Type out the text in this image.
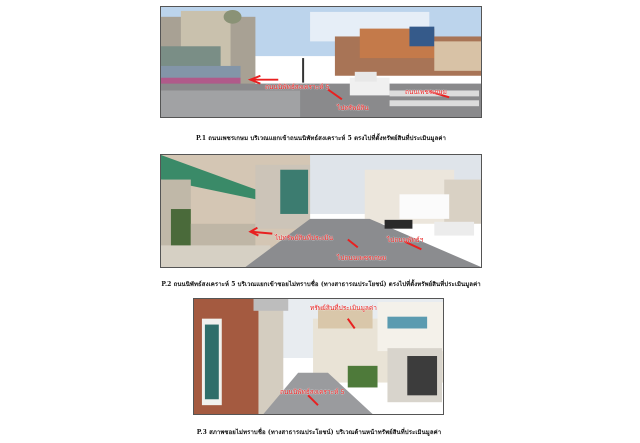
ถนนนิพัทธ์สงเคราะห์ 5
ไปทรัพย์สิน
ถนนเพชรเกษม
P.1 ถนนเพชรเกษม บริเวณแยกเข้าถนนนิพัทธ์สงเคราะห์ 5 ตรงไปที่ตั้งทรัพย์สินที่ประเมินมูลค่า
ไปทรัพย์สินที่ประเมิน
ไปถนนเพชรเกษม
ไปถนนพัทธ์ฯ
P.2 ถนนนิพัทธ์สงเคราะห์ 5 บริเวณแยกเข้าซอยไม่ทราบชื่อ (ทางสาธารณประโยชน์) ตรงไปที่ตั้งทรัพย์สินที่ประเมินมูลค่า
ทรัพย์สินที่ประเมินมูลค่า
ถนนนิพัทธ์สงเคราะห์ 5
P.3 สภาพซอยไม่ทราบชื่อ (ทางสาธารณประโยชน์) บริเวณด้านหน้าทรัพย์สินที่ประเมินมูลค่า
